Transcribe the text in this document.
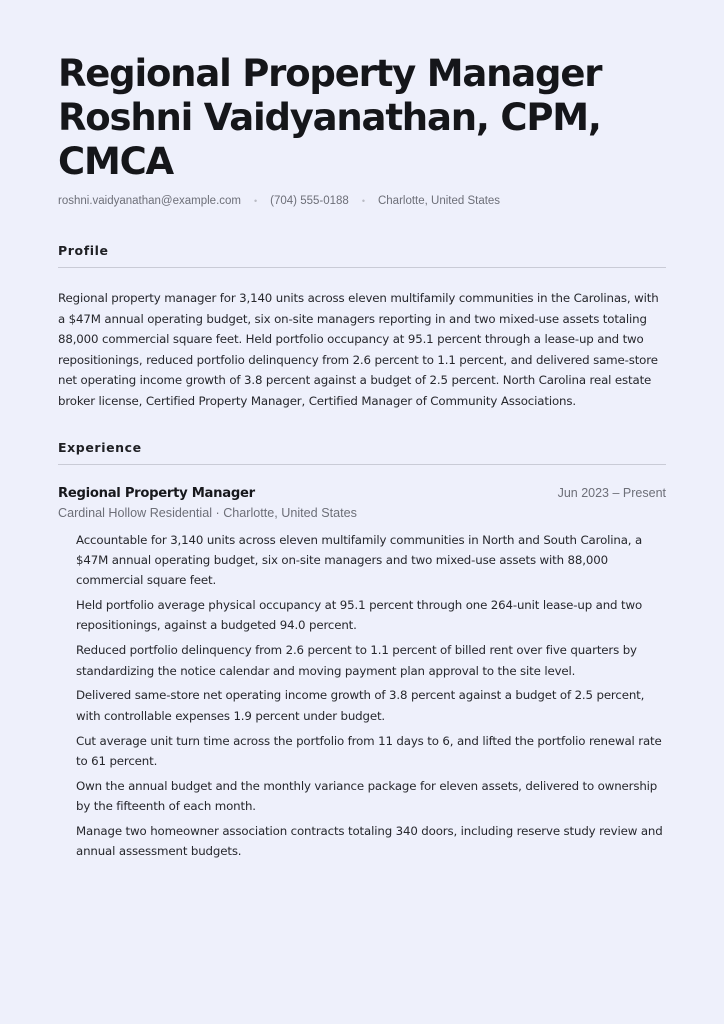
Regional Property Manager Roshni Vaidyanathan, CPM, CMCA
roshni.vaidyanathan@example.com • (704) 555-0188 • Charlotte, United States
Profile

Regional property manager for 3,140 units across eleven multifamily communities in the Carolinas, with a $47M annual operating budget, six on-site managers reporting in and two mixed-use assets totaling 88,000 commercial square feet. Held portfolio occupancy at 95.1 percent through a lease-up and two repositionings, reduced portfolio delinquency from 2.6 percent to 1.1 percent, and delivered same-store net operating income growth of 3.8 percent against a budget of 2.5 percent. North Carolina real estate broker license, Certified Property Manager, Certified Manager of Community Associations.

Experience
Regional Property Manager	Jun 2023 – Present
Cardinal Hollow Residential · Charlotte, United States
Accountable for 3,140 units across eleven multifamily communities in North and South Carolina, a $47M annual operating budget, six on-site managers and two mixed-use assets with 88,000 commercial square feet.
Held portfolio average physical occupancy at 95.1 percent through one 264-unit lease-up and two repositionings, against a budgeted 94.0 percent.
Reduced portfolio delinquency from 2.6 percent to 1.1 percent of billed rent over five quarters by standardizing the notice calendar and moving payment plan approval to the site level.
Delivered same-store net operating income growth of 3.8 percent against a budget of 2.5 percent, with controllable expenses 1.9 percent under budget.
Cut average unit turn time across the portfolio from 11 days to 6, and lifted the portfolio renewal rate to 61 percent.
Own the annual budget and the monthly variance package for eleven assets, delivered to ownership by the fifteenth of each month.
Manage two homeowner association contracts totaling 340 doors, including reserve study review and annual assessment budgets.
